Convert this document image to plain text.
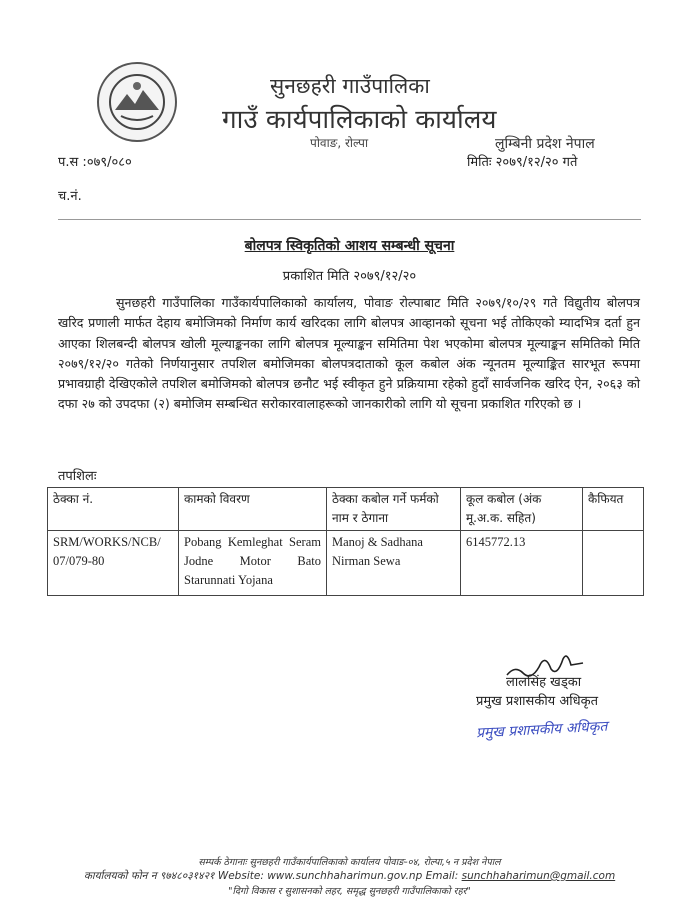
सुनछहरी गाउँपालिका
गाउँ कार्यपालिकाको कार्यालय
पोवाङ, रोल्पा	लुम्बिनी प्रदेश नेपाल
प.स :०७९/०८०	मितिः २०७९/१२/२० गते
च.नं.
बोलपत्र स्विकृतिको आशय सम्बन्धी सूचना
प्रकाशित मिति २०७९/१२/२०
सुनछहरी गाउँपालिका गाउँकार्यपालिकाको कार्यालय, पोवाङ रोल्पाबाट मिति २०७९/१०/२९ गते विद्युतीय बोलपत्र खरिद प्रणाली मार्फत देहाय बमोजिमको निर्माण कार्य खरिदका लागि बोलपत्र आव्हानको सूचना भई तोकिएको म्यादभित्र दर्ता हुन आएका शिलबन्दी बोलपत्र खोली मूल्याङ्कनका लागि बोलपत्र मूल्याङ्कन समितिमा पेश भएकोमा बोलपत्र मूल्याङ्कन समितिको मिति २०७९/१२/२० गतेको निर्णयानुसार तपशिल बमोजिमका बोलपत्रदाताको कूल कबोल अंक न्यूनतम मूल्याङ्कित सारभूत रूपमा प्रभावग्राही देखिएकोले तपशिल बमोजिमको बोलपत्र छनौट भई स्वीकृत हुने प्रक्रियामा रहेको हुदाँ सार्वजनिक खरिद ऐन, २०६३ को दफा २७ को उपदफा (२) बमोजिम सम्बन्धित सरोकारवालाहरूको जानकारीको लागि यो सूचना प्रकाशित गरिएको छ ।
तपशिलः
ठेक्का नं.	कामको विवरण	ठेक्का कबोल गर्ने फर्मको नाम र ठेगाना	कूल कबोल (अंक मू.अ.क. सहित)	कैफियत
SRM/WORKS/NCB/ 07/079-80	Pobang Kemleghat Seram Jodne Motor Bato Starunnati Yojana	Manoj & Sadhana Nirman Sewa	6145772.13	
लालसिंह खड्का
प्रमुख प्रशासकीय अधिकृत
प्रमुख प्रशासकीय अधिकृत
सम्पर्क ठेगानाः सुनछहरी गाउँकार्यपालिकाको कार्यालय पोवाङ-०४, रोल्पा,५ न प्रदेश नेपाल
कार्यालयको फोन न ९७४८०३१४२१ Website: www.sunchhaharimun.gov.np Email: sunchhaharimun@gmail.com
"दिगो विकास र सुशासनको लहर, समृद्ध सुनछहरी गाउँपालिकाको रहर"
